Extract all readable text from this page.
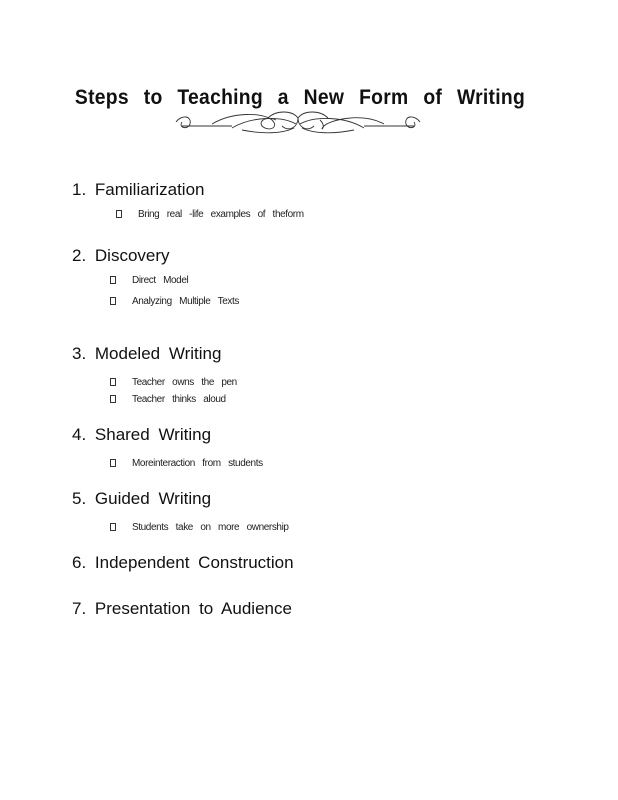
Steps to Teaching a New Form of Writing
1. Familiarization
Bring real -life examples of theform
2. Discovery
Direct Model
Analyzing Multiple Texts
3. Modeled Writing
Teacher owns the pen
Teacher thinks aloud
4. Shared Writing
Moreinteraction from students
5. Guided Writing
Students take on more ownership
6. Independent Construction
7. Presentation to Audience
